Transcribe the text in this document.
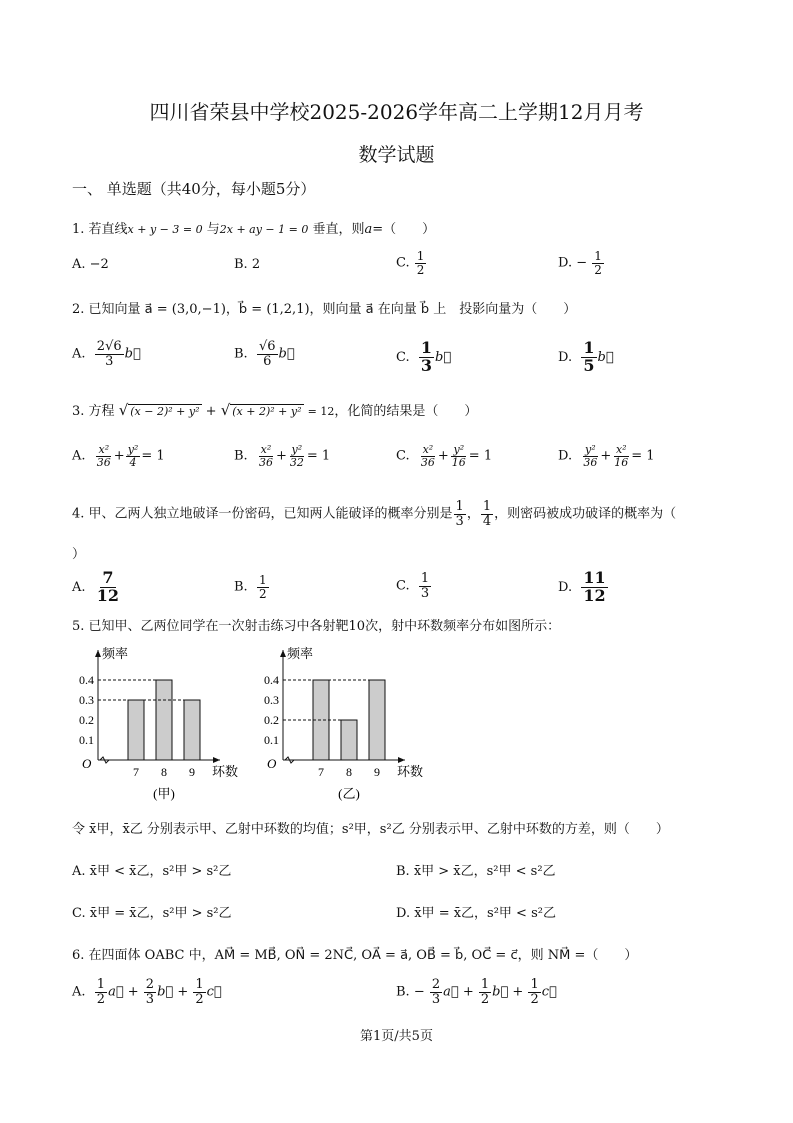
四川省荣县中学校2025-2026学年高二上学期12月月考
数学试题
一、 单选题（共40分，每小题5分）
1. 若直线x + y − 3 = 0 与2x + ay − 1 = 0 垂直，则a=（　　）
A. −2	B. 2	C. $\frac{1}{2}$	D. − $\frac{1}{2}$
2. 已知向量 a⃗ = (3,0,−1)，b⃗ = (1,2,1)，则向量 a⃗ 在向量 b⃗ 上　投影向量为（　　）
A. $\frac{2√6}{3}$ b⃗	B. $\frac{√6}{6}$ b⃗	C. $\frac{1}{3}$ b⃗	D. $\frac{1}{5}$ b⃗
3. 方程 √ (x − 2)² + y² + √ (x + 2)² + y² = 12，化简的结果是（　　）
A. $\frac{\text{x²}}{36} + \frac{\text{y²}}{4} = 1$	B. $\frac{\text{x²}}{36} + \frac{\text{y²}}{32} = 1$	C. $\frac{\text{x²}}{36} + \frac{\text{y²}}{16} = 1$	D. $\frac{\text{y²}}{36} + \frac{\text{x²}}{16} = 1$
4. 甲、乙两人独立地破译一份密码，已知两人能破译的概率分别是 $\frac{1}{3}$ ， $\frac{1}{4}$ ，则密码被成功破译的概率为（
）
A. $\frac{7}{12}$	B. $\frac{1}{2}$	C. $\frac{1}{3}$	D. $\frac{11}{12}$
5. 已知甲、乙两位同学在一次射击练习中各射靶10次，射中环数频率分布如图所示：
频率
O
0.1
0.2
0.3
0.4
7 8 9 环数
(甲)
频率
O
0.1
0.2
0.3
0.4
7 8 9 环数
(乙)
令 x̄甲，x̄乙 分别表示甲、乙射中环数的均值；s²甲，s²乙 分别表示甲、乙射中环数的方差，则（　　）
A. x̄甲 < x̄乙，s²甲 > s²乙	B. x̄甲 > x̄乙，s²甲 < s²乙
C. x̄甲 = x̄乙，s²甲 > s²乙	D. x̄甲 = x̄乙，s²甲 < s²乙
6. 在四面体 OABC 中，AM⃗ = MB⃗, ON⃗ = 2NC⃗, OA⃗ = a⃗, OB⃗ = b⃗, OC⃗ = c⃗，则 NM⃗ =（　　）
A. $\frac{1}{2}$ a⃗ + $\frac{2}{3}$ b⃗ + $\frac{1}{2}$ c⃗	B. − $\frac{2}{3}$ a⃗ + $\frac{1}{2}$ b⃗ + $\frac{1}{2}$ c⃗
第1页/共5页
